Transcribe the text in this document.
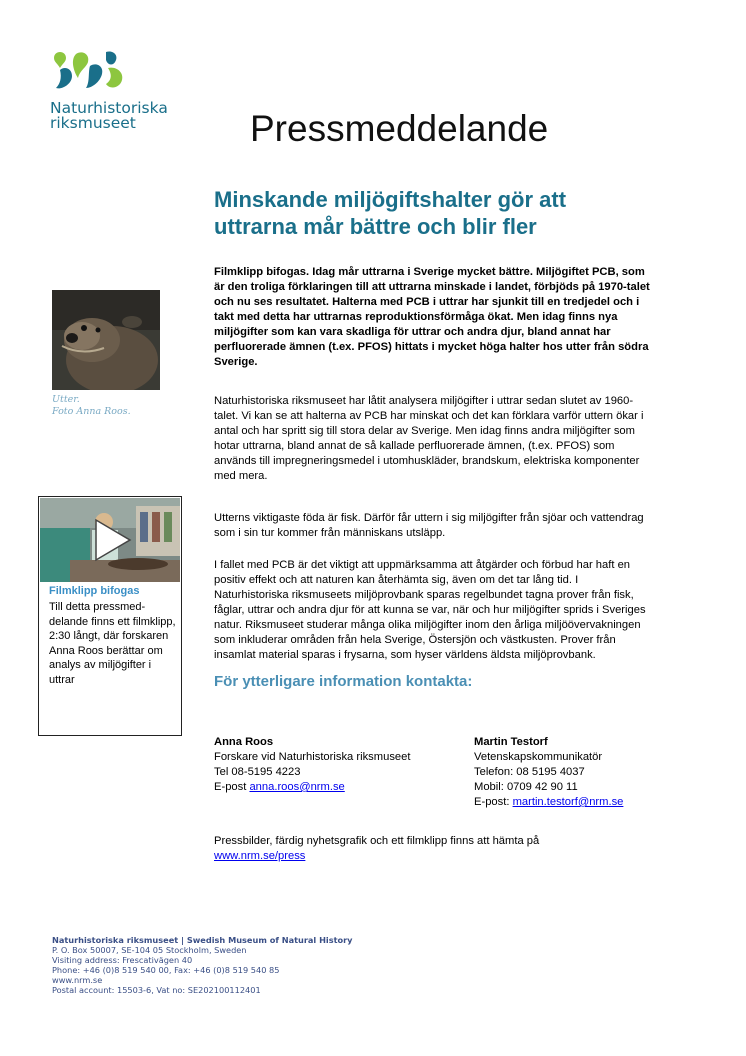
Naturhistoriska
riksmuseet	Pressmeddelande
Minskande miljögiftshalter gör att uttrarna mår bättre och blir fler

Filmklipp bifogas. Idag mår uttrarna i Sverige mycket bättre. Miljögiftet PCB, som är den troliga förklaringen till att uttrarna minskade i landet, förbjöds på 1970-talet och nu ses resultatet. Halterna med PCB i uttrar har sjunkit till en tredjedel och i takt med detta har uttrarnas reproduktionsförmåga ökat. Men idag finns nya miljögifter som kan vara skadliga för uttrar och andra djur, bland annat har perfluorerade ämnen (t.ex. PFOS) hittats i mycket höga halter hos utter från södra Sverige.

Naturhistoriska riksmuseet har låtit analysera miljögifter i uttrar sedan slutet av 1960-talet. Vi kan se att halterna av PCB har minskat och det kan förklara varför uttern ökar i antal och har spritt sig till stora delar av Sverige. Men idag finns andra miljögifter som hotar uttrarna, bland annat de så kallade perfluorerade ämnen, (t.ex. PFOS) som används till impregneringsmedel i utomhuskläder, brandskum, elektriska komponenter med mera.

Utterns viktigaste föda är fisk. Därför får uttern i sig miljögifter från sjöar och vattendrag som i sin tur kommer från människans utsläpp.

I fallet med PCB är det viktigt att uppmärksamma att åtgärder och förbud har haft en positiv effekt och att naturen kan återhämta sig, även om det tar lång tid. I Naturhistoriska riksmuseets miljöprovbank sparas regelbundet tagna prover från fisk, fåglar, uttrar och andra djur för att kunna se var, när och hur miljögifter sprids i Sveriges natur. Riksmuseet studerar många olika miljögifter inom den årliga miljöövervakningen som inkluderar områden från hela Sverige, Östersjön och västkusten. Prover från insamlat material sparas i frysarna, som hyser världens äldsta miljöprovbank.

Utter.
Foto Anna Roos.
Filmklipp bifogas
Till detta pressmed-delande finns ett filmklipp, 2:30 långt, där forskaren Anna Roos berättar om analys av miljögifter i uttrar	För ytterligare information kontakta:
Anna Roos
Forskare vid Naturhistoriska riksmuseet
Tel 08-5195 4223
E-post anna.roos@nrm.se
Martin Testorf
Vetenskapskommunikatör
Telefon: 08 5195 4037
Mobil: 0709 42 90 11
E-post: martin.testorf@nrm.se

Pressbilder, färdig nyhetsgrafik och ett filmklipp finns att hämta på
www.nrm.se/press

Naturhistoriska riksmuseet | Swedish Museum of Natural History
P. O. Box 50007, SE-104 05 Stockholm, Sweden
Visiting address: Frescativägen 40
Phone: +46 (0)8 519 540 00, Fax: +46 (0)8 519 540 85
www.nrm.se
Postal account: 15503-6, Vat no: SE202100112401
